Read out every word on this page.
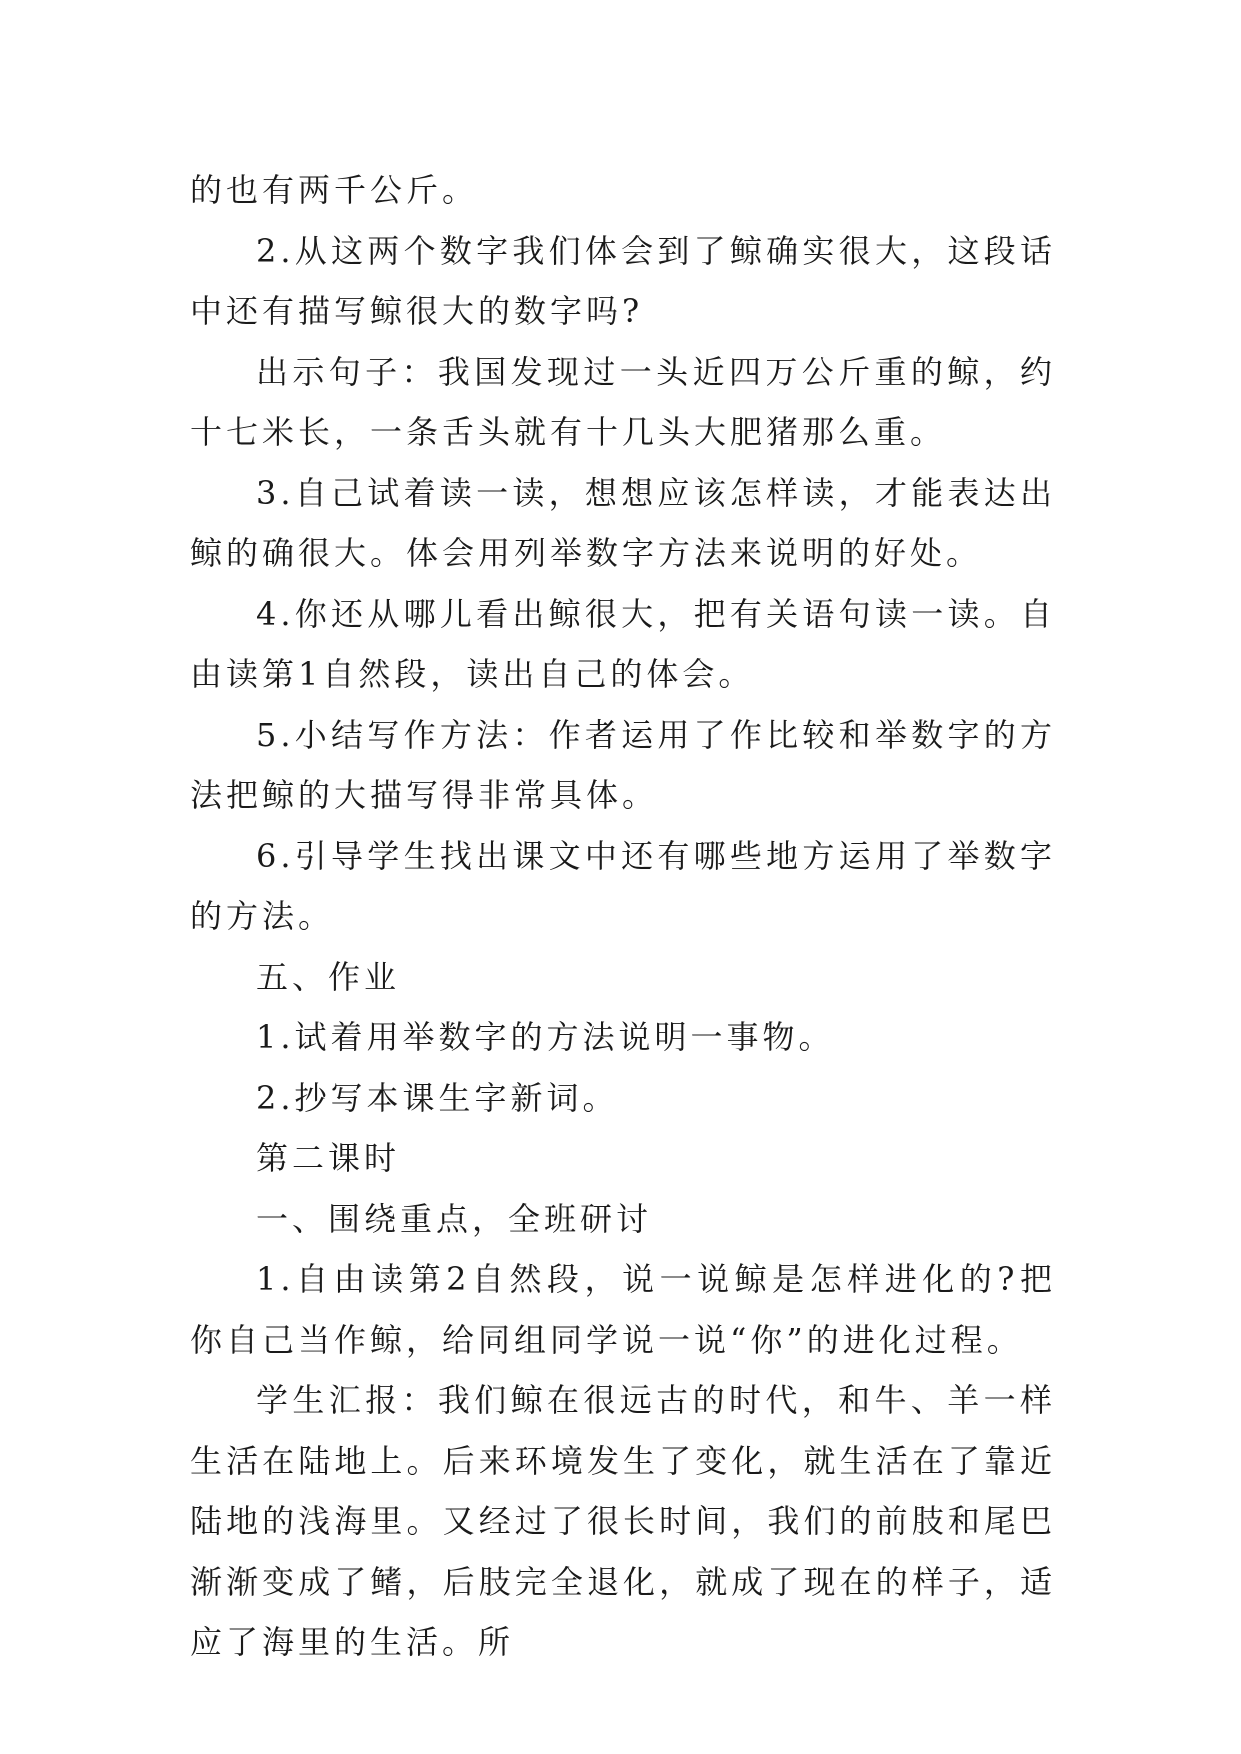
的也有两千公斤。

2.从这两个数字我们体会到了鲸确实很大，这段话中还有描写鲸很大的数字吗?

出示句子：我国发现过一头近四万公斤重的鲸，约十七米长，一条舌头就有十几头大肥猪那么重。

3.自己试着读一读，想想应该怎样读，才能表达出鲸的确很大。体会用列举数字方法来说明的好处。

4.你还从哪儿看出鲸很大，把有关语句读一读。自由读第1自然段，读出自己的体会。

5.小结写作方法：作者运用了作比较和举数字的方法把鲸的大描写得非常具体。

6.引导学生找出课文中还有哪些地方运用了举数字的方法。

五、作业

1.试着用举数字的方法说明一事物。

2.抄写本课生字新词。

第二课时

一、围绕重点，全班研讨

1.自由读第2自然段，说一说鲸是怎样进化的?把你自己当作鲸，给同组同学说一说“你”的进化过程。

学生汇报：我们鲸在很远古的时代，和牛、羊一样生活在陆地上。后来环境发生了变化，就生活在了靠近陆地的浅海里。又经过了很长时间，我们的前肢和尾巴渐渐变成了鳍，后肢完全退化，就成了现在的样子，适应了海里的生活。所
